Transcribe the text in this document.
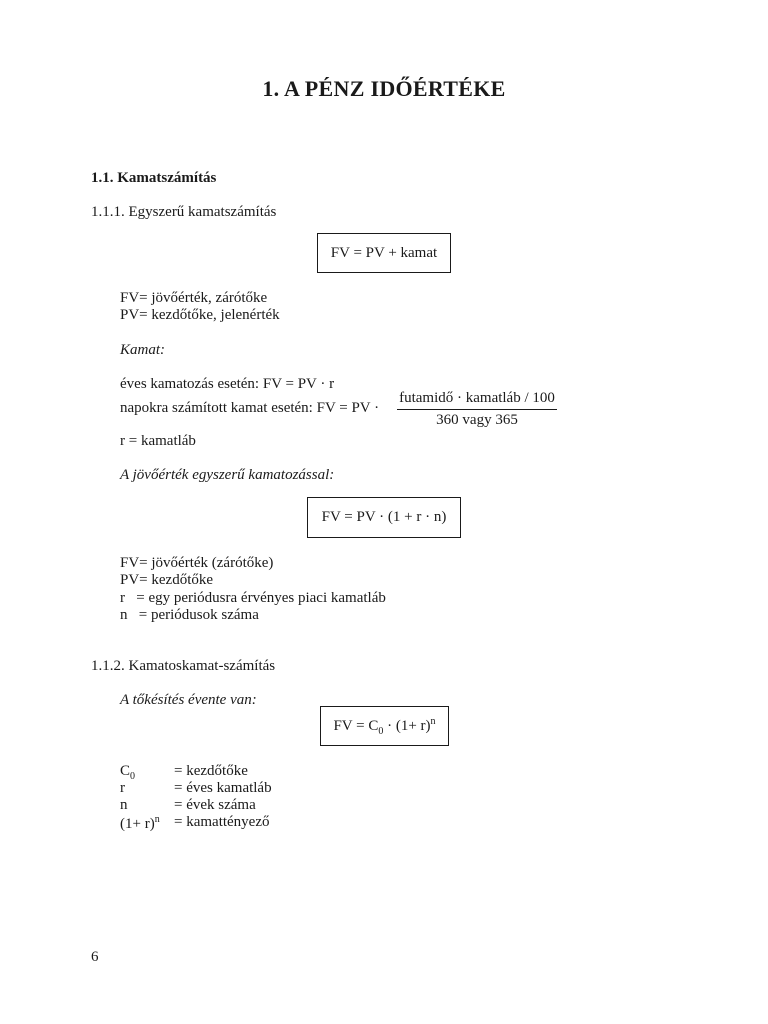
1. A PÉNZ IDŐÉRTÉKE
1.1. Kamatszámítás
1.1.1. Egyszerű kamatszámítás
FV = PV + kamat
FV= jövőérték, zárótőke
PV= kezdőtőke, jelenérték
Kamat:
éves kamatozás esetén: FV = PV · r
napokra számított kamat esetén: FV = PV ·
futamidő · kamatláb / 100
360 vagy 365
r = kamatláb
A jövőérték egyszerű kamatozással:
FV = PV · (1 + r · n)
FV= jövőérték (zárótőke)
PV= kezdőtőke
r   = egy periódusra érvényes piaci kamatláb
n   = periódusok száma
1.1.2. Kamatoskamat-számítás
A tőkésítés évente van:
FV = $C_0 \cdot (1+ r)^n$
$C_0$	= kezdőtőke
r	= éves kamatláb
n	= évek száma
$(1+ r)^n$ = kamattényező
6
